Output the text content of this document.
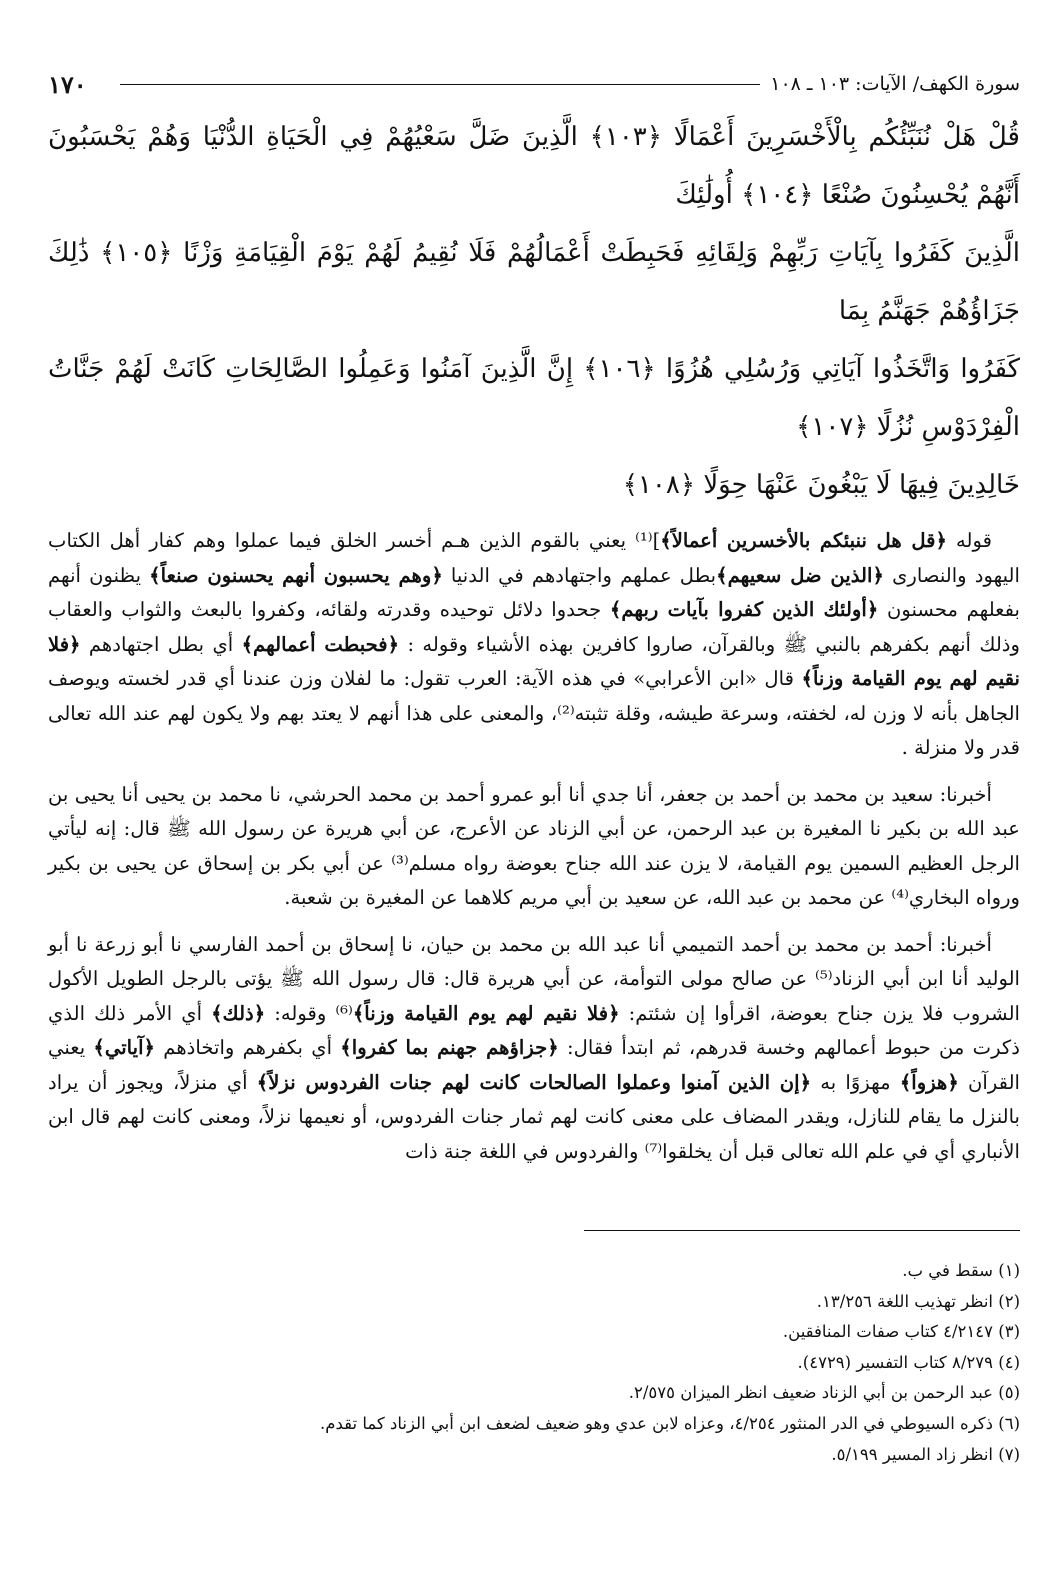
١٧٠	سورة الكهف/ الآيات: ١٠٣ ـ ١٠٨

قُلْ هَلْ نُنَبِّئُكُم بِالْأَخْسَرِينَ أَعْمَالًا ﴿١٠٣﴾ الَّذِينَ ضَلَّ سَعْيُهُمْ فِي الْحَيَاةِ الدُّنْيَا وَهُمْ يَحْسَبُونَ أَنَّهُمْ يُحْسِنُونَ صُنْعًا ﴿١٠٤﴾ أُولَٰئِكَ

الَّذِينَ كَفَرُوا بِآيَاتِ رَبِّهِمْ وَلِقَائِهِ فَحَبِطَتْ أَعْمَالُهُمْ فَلَا نُقِيمُ لَهُمْ يَوْمَ الْقِيَامَةِ وَزْنًا ﴿١٠٥﴾ ذَٰلِكَ جَزَاؤُهُمْ جَهَنَّمُ بِمَا

كَفَرُوا وَاتَّخَذُوا آيَاتِي وَرُسُلِي هُزُوًا ﴿١٠٦﴾ إِنَّ الَّذِينَ آمَنُوا وَعَمِلُوا الصَّالِحَاتِ كَانَتْ لَهُمْ جَنَّاتُ الْفِرْدَوْسِ نُزُلًا ﴿١٠٧﴾

خَالِدِينَ فِيهَا لَا يَبْغُونَ عَنْهَا حِوَلًا ﴿١٠٨﴾

قوله ﴿قل هل ننبئكم بالأخسرين أعمالاً﴾]⁽¹⁾ يعني بالقوم الذين هـم أخسر الخلق فيما عملوا وهم كفار أهل الكتاب اليهود والنصارى ﴿الذين ضل سعيهم﴾بطل عملهم واجتهادهم في الدنيا ﴿وهم يحسبون أنهم يحسنون صنعاً﴾ يظنون أنهم بفعلهم محسنون ﴿أولئك الذين كفروا بآيات ربهم﴾ جحدوا دلائل توحيده وقدرته ولقائه، وكفروا بالبعث والثواب والعقاب وذلك أنهم بكفرهم بالنبي ﷺ وبالقرآن، صاروا كافرين بهذه الأشياء وقوله : ﴿فحبطت أعمالهم﴾ أي بطل اجتهادهم ﴿فلا نقيم لهم يوم القيامة وزناً﴾ قال «ابن الأعرابي» في هذه الآية: العرب تقول: ما لفلان وزن عندنا أي قدر لخسته ويوصف الجاهل بأنه لا وزن له، لخفته، وسرعة طيشه، وقلة تثبته⁽²⁾، والمعنى على هذا أنهم لا يعتد بهم ولا يكون لهم عند الله تعالى قدر ولا منزلة .

أخبرنا: سعيد بن محمد بن أحمد بن جعفر، أنا جدي أنا أبو عمرو أحمد بن محمد الحرشي، نا محمد بن يحيى أنا يحيى بن عبد الله بن بكير نا المغيرة بن عبد الرحمن، عن أبي الزناد عن الأعرج، عن أبي هريرة عن رسول الله ﷺ قال: إنه ليأتي الرجل العظيم السمين يوم القيامة، لا يزن عند الله جناح بعوضة رواه مسلم⁽³⁾ عن أبي بكر بن إسحاق عن يحيى بن بكير ورواه البخاري⁽⁴⁾ عن محمد بن عبد الله، عن سعيد بن أبي مريم كلاهما عن المغيرة بن شعبة.

أخبرنا: أحمد بن محمد بن أحمد التميمي أنا عبد الله بن محمد بن حيان، نا إسحاق بن أحمد الفارسي نا أبو زرعة نا أبو الوليد أنا ابن أبي الزناد⁽⁵⁾ عن صالح مولى التوأمة، عن أبي هريرة قال: قال رسول الله ﷺ يؤتى بالرجل الطويل الأكول الشروب فلا يزن جناح بعوضة، اقرأوا إن شئتم: ﴿فلا نقيم لهم يوم القيامة وزناً﴾⁽⁶⁾ وقوله: ﴿ذلك﴾ أي الأمر ذلك الذي ذكرت من حبوط أعمالهم وخسة قدرهم، ثم ابتدأ فقال: ﴿جزاؤهم جهنم بما كفروا﴾ أي بكفرهم واتخاذهم ﴿آياتي﴾ يعني القرآن ﴿هزواً﴾ مهزوًا به ﴿إن الذين آمنوا وعملوا الصالحات كانت لهم جنات الفردوس نزلاً﴾ أي منزلاً، ويجوز أن يراد بالنزل ما يقام للنازل، ويقدر المضاف على معنى كانت لهم ثمار جنات الفردوس، أو نعيمها نزلاً، ومعنى كانت لهم قال ابن الأنباري أي في علم الله تعالى قبل أن يخلقوا⁽⁷⁾ والفردوس في اللغة جنة ذات

(١) سقط في ب.
(٢) انظر تهذيب اللغة ١٣/٢٥٦.
(٣) ٤/٢١٤٧ كتاب صفات المنافقين.
(٤) ٨/٢٧٩ كتاب التفسير (٤٧٢٩).
(٥) عبد الرحمن بن أبي الزناد ضعيف انظر الميزان ٢/٥٧٥.
(٦) ذكره السيوطي في الدر المنثور ٤/٢٥٤، وعزاه لابن عدي وهو ضعيف لضعف ابن أبي الزناد كما تقدم.
(٧) انظر زاد المسير ٥/١٩٩.
